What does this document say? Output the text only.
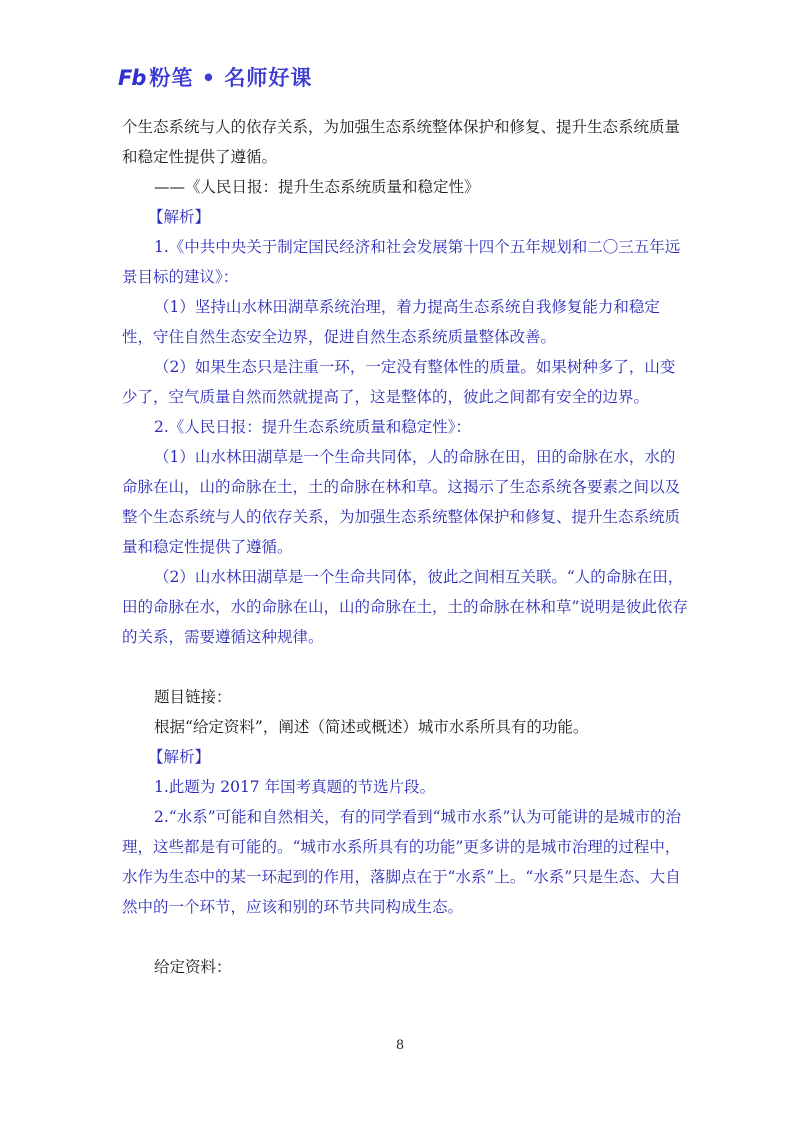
Fb 粉笔 • 名师好课

个生态系统与人的依存关系，为加强生态系统整体保护和修复、提升生态系统质量和稳定性提供了遵循。

——《人民日报：提升生态系统质量和稳定性》

【解析】

1.《中共中央关于制定国民经济和社会发展第十四个五年规划和二〇三五年远景目标的建议》：

（1）坚持山水林田湖草系统治理，着力提高生态系统自我修复能力和稳定性，守住自然生态安全边界，促进自然生态系统质量整体改善。

（2）如果生态只是注重一环，一定没有整体性的质量。如果树种多了，山变少了，空气质量自然而然就提高了，这是整体的，彼此之间都有安全的边界。

2.《人民日报：提升生态系统质量和稳定性》：

（1）山水林田湖草是一个生命共同体，人的命脉在田，田的命脉在水，水的命脉在山，山的命脉在土，土的命脉在林和草。这揭示了生态系统各要素之间以及整个生态系统与人的依存关系，为加强生态系统整体保护和修复、提升生态系统质量和稳定性提供了遵循。

（2）山水林田湖草是一个生命共同体，彼此之间相互关联。“人的命脉在田，田的命脉在水，水的命脉在山，山的命脉在土，土的命脉在林和草”说明是彼此依存的关系，需要遵循这种规律。

题目链接：

根据“给定资料”，阐述（简述或概述）城市水系所具有的功能。

【解析】

1.此题为 2017 年国考真题的节选片段。

2.“水系”可能和自然相关，有的同学看到“城市水系”认为可能讲的是城市的治理，这些都是有可能的。“城市水系所具有的功能”更多讲的是城市治理的过程中，水作为生态中的某一环起到的作用，落脚点在于“水系”上。“水系”只是生态、大自然中的一个环节，应该和别的环节共同构成生态。

给定资料：

8
